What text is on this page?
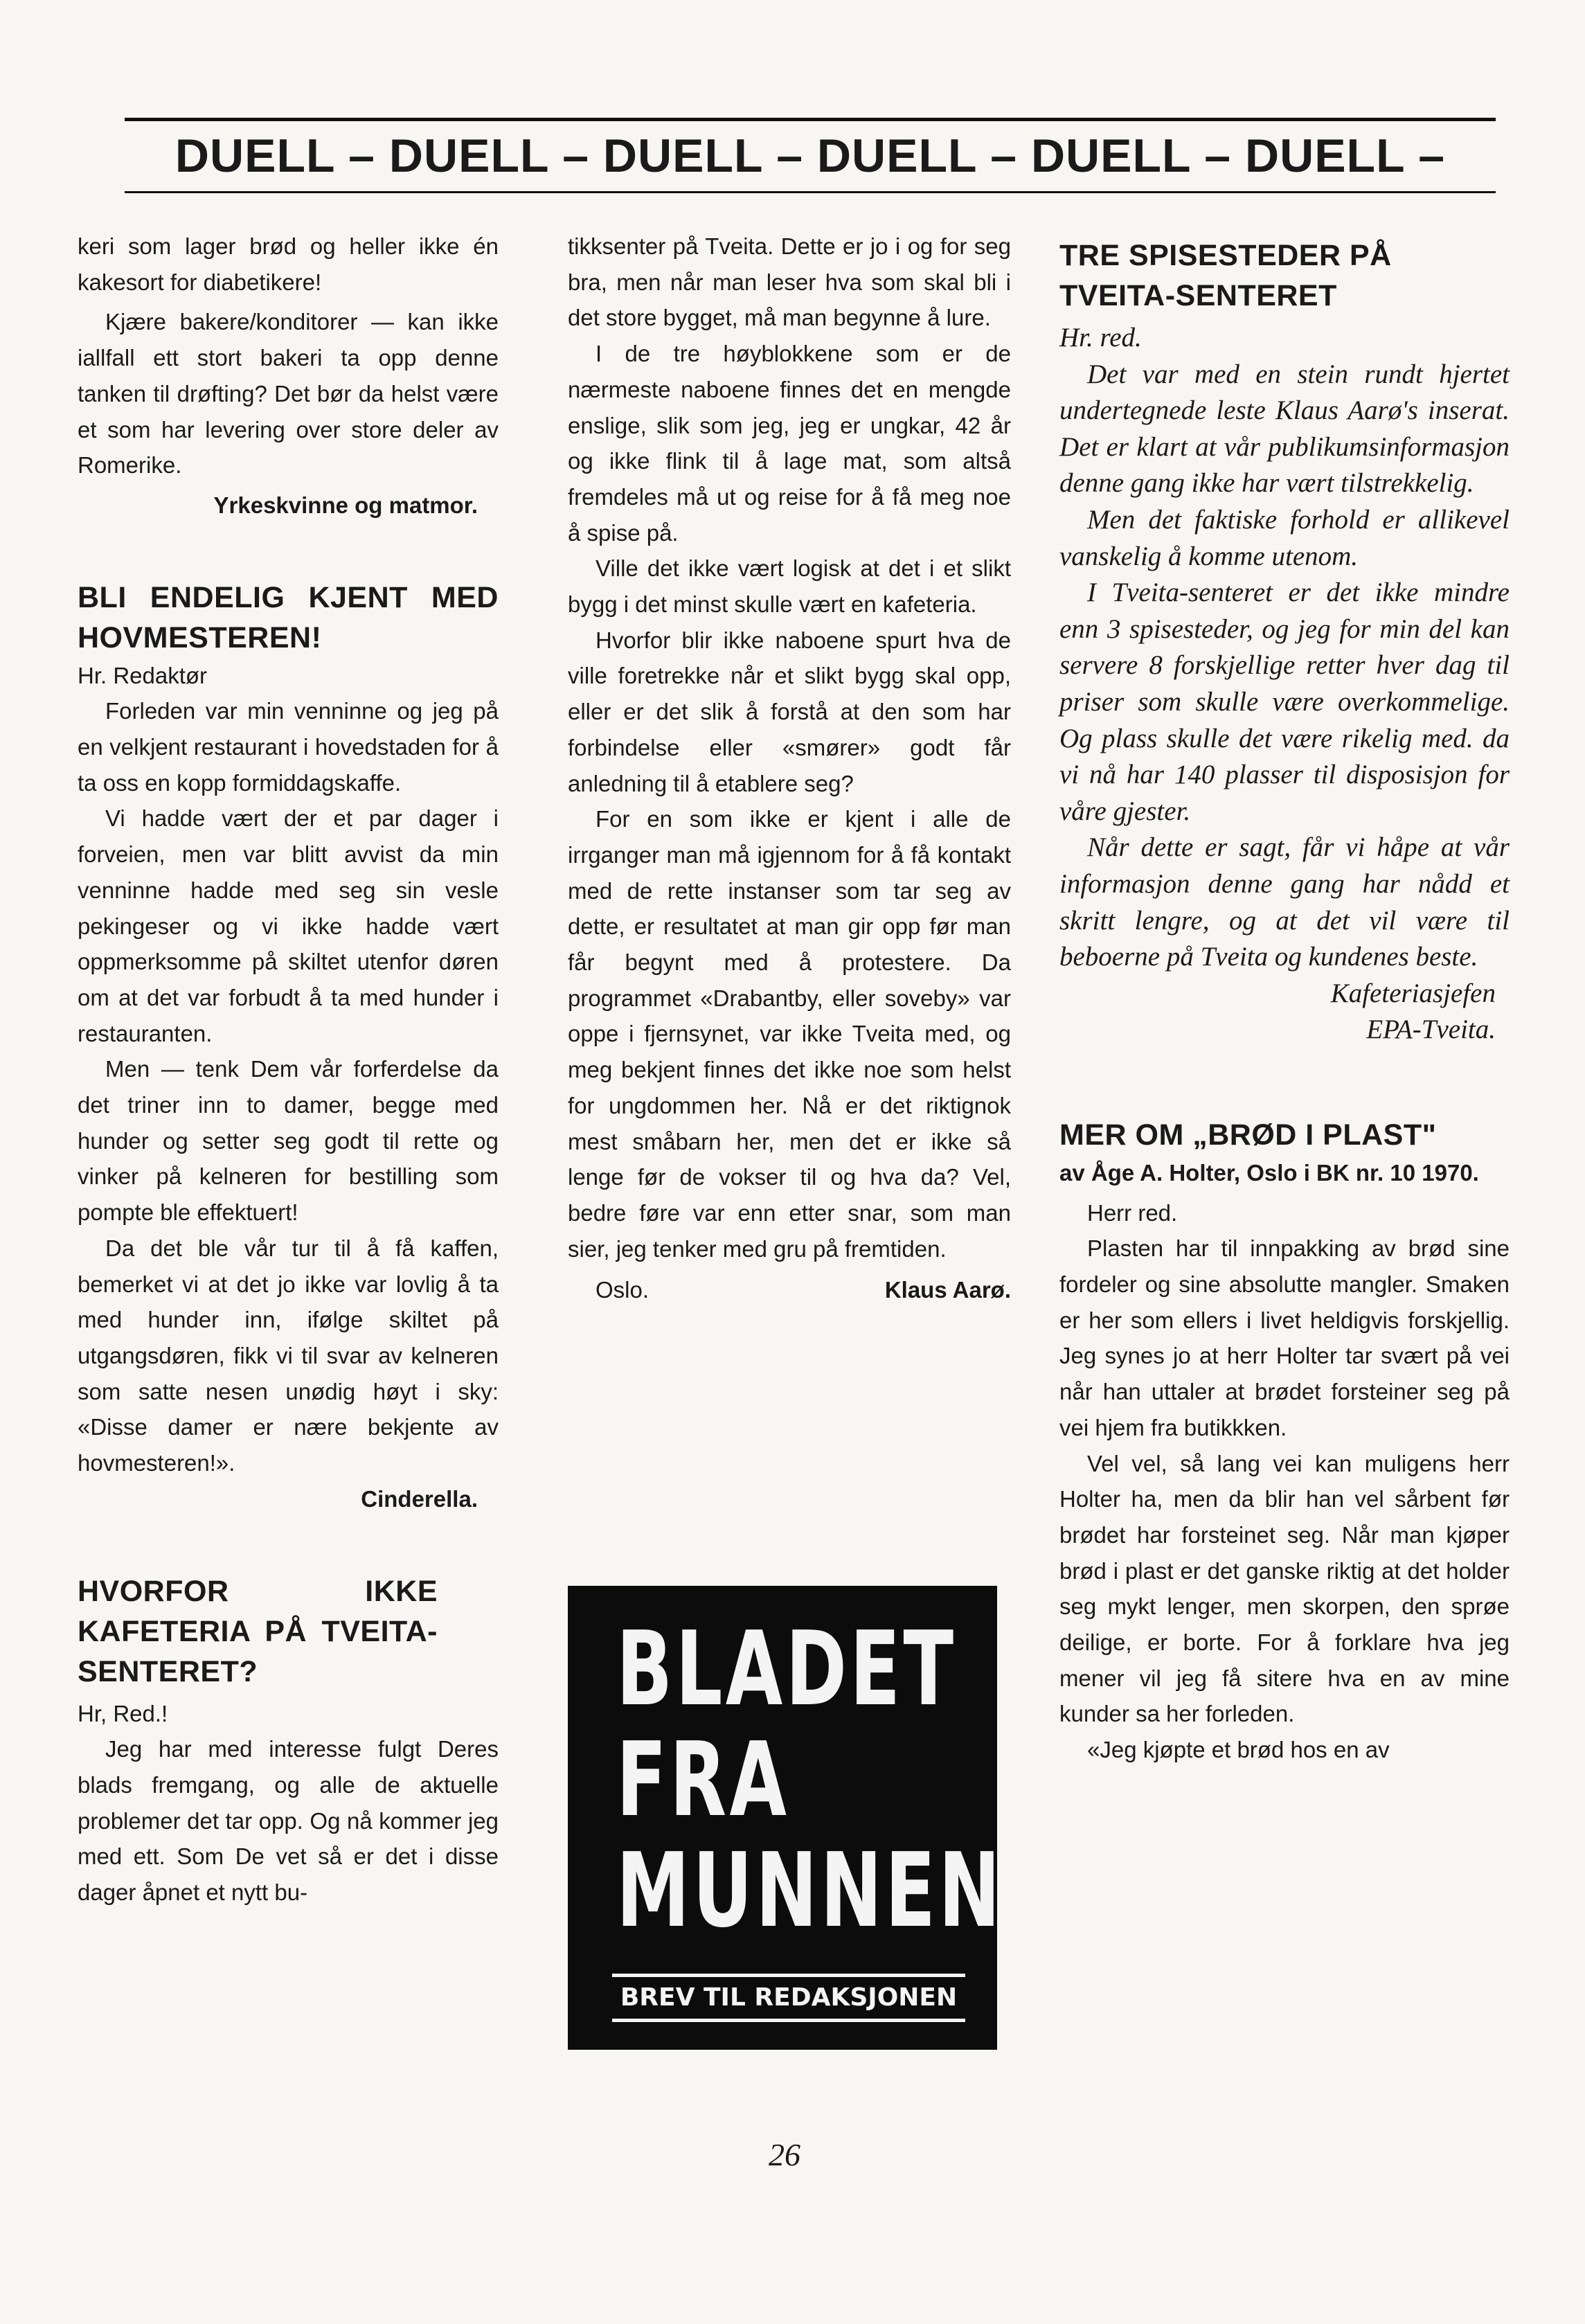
DUELL – DUELL – DUELL – DUELL – DUELL – DUELL –

keri som lager brød og heller ikke én kakesort for diabetikere!

Kjære bakere/konditorer — kan ikke iallfall ett stort bakeri ta opp denne tanken til drøfting? Det bør da helst være et som har levering over store deler av Romerike.

Yrkeskvinne og matmor.
BLI ENDELIG KJENT MED HOVMESTEREN!
Hr. Redaktør

Forleden var min venninne og jeg på en velkjent restaurant i hovedstaden for å ta oss en kopp formiddagskaffe.

Vi hadde vært der et par dager i forveien, men var blitt avvist da min venninne hadde med seg sin vesle pekingeser og vi ikke hadde vært oppmerksomme på skiltet utenfor døren om at det var forbudt å ta med hunder i restauranten.

Men — tenk Dem vår forferdelse da det triner inn to damer, begge med hunder og setter seg godt til rette og vinker på kelneren for bestilling som pompte ble effektuert!

Da det ble vår tur til å få kaffen, bemerket vi at det jo ikke var lovlig å ta med hunder inn, ifølge skiltet på utgangsdøren, fikk vi til svar av kelneren som satte nesen unødig høyt i sky: «Disse damer er nære bekjente av hovmesteren!».

Cinderella.
HVORFOR IKKE KAFETERIA PÅ TVEITA-SENTERET?
Hr, Red.!

Jeg har med interesse fulgt Deres blads fremgang, og alle de aktuelle problemer det tar opp. Og nå kommer jeg med ett. Som De vet så er det i disse dager åpnet et nytt bu-

tikksenter på Tveita. Dette er jo i og for seg bra, men når man leser hva som skal bli i det store bygget, må man begynne å lure.

I de tre høyblokkene som er de nærmeste naboene finnes det en mengde enslige, slik som jeg, jeg er ungkar, 42 år og ikke flink til å lage mat, som altså fremdeles må ut og reise for å få meg noe å spise på.

Ville det ikke vært logisk at det i et slikt bygg i det minst skulle vært en kafeteria.

Hvorfor blir ikke naboene spurt hva de ville foretrekke når et slikt bygg skal opp, eller er det slik å forstå at den som har forbindelse eller «smører» godt får anledning til å etablere seg?

For en som ikke er kjent i alle de irrganger man må igjennom for å få kontakt med de rette instanser som tar seg av dette, er resultatet at man gir opp før man får begynt med å protestere. Da programmet «Drabantby, eller soveby» var oppe i fjernsynet, var ikke Tveita med, og meg bekjent finnes det ikke noe som helst for ungdommen her. Nå er det riktignok mest småbarn her, men det er ikke så lenge før de vokser til og hva da? Vel, bedre føre var enn etter snar, som man sier, jeg tenker med gru på fremtiden.

Oslo.	Klaus Aarø.
BLADET
FRA
MUNNEN
BREV TIL REDAKSJONEN
TRE SPISESTEDER PÅ TVEITA-SENTERET

Hr. red.

Det var med en stein rundt hjertet undertegnede leste Klaus Aarø's inserat. Det er klart at vår publikumsinformasjon denne gang ikke har vært tilstrekkelig.

Men det faktiske forhold er allikevel vanskelig å komme utenom.

I Tveita-senteret er det ikke mindre enn 3 spisesteder, og jeg for min del kan servere 8 forskjellige retter hver dag til priser som skulle være overkommelige. Og plass skulle det være rikelig med. da vi nå har 140 plasser til disposisjon for våre gjester.

Når dette er sagt, får vi håpe at vår informasjon denne gang har nådd et skritt lengre, og at det vil være til beboerne på Tveita og kundenes beste.

Kafeteriasjefen
EPA-Tveita.
MER OM „BRØD I PLAST"
av Åge A. Holter, Oslo i BK nr. 10 1970.

Herr red.

Plasten har til innpakking av brød sine fordeler og sine absolutte mangler. Smaken er her som ellers i livet heldigvis forskjellig. Jeg synes jo at herr Holter tar svært på vei når han uttaler at brødet forsteiner seg på vei hjem fra butikkken.

Vel vel, så lang vei kan muligens herr Holter ha, men da blir han vel sårbent før brødet har forsteinet seg. Når man kjøper brød i plast er det ganske riktig at det holder seg mykt lenger, men skorpen, den sprøe deilige, er borte. For å forklare hva jeg mener vil jeg få sitere hva en av mine kunder sa her forleden.

«Jeg kjøpte et brød hos en av

26
